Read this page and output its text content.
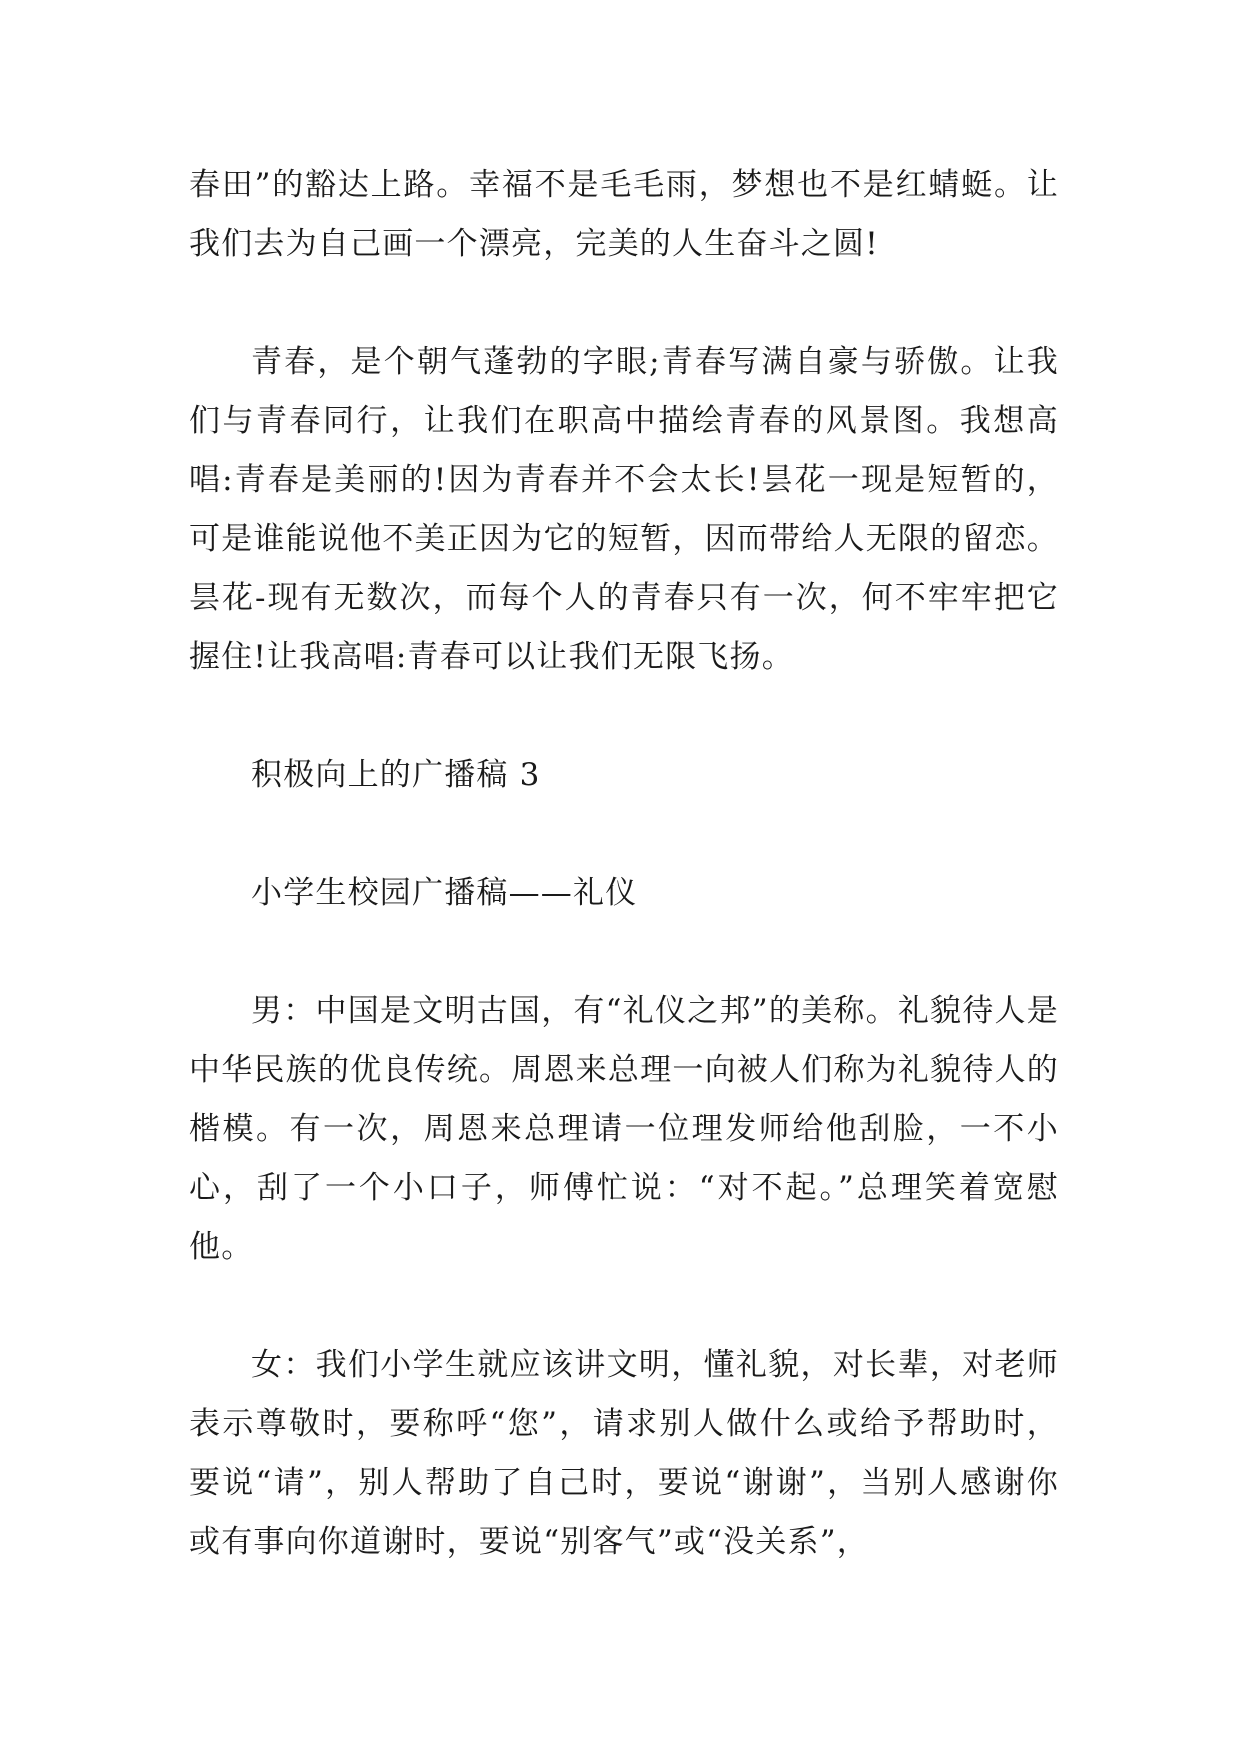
春田”的豁达上路。幸福不是毛毛雨，梦想也不是红蜻蜓。让我们去为自己画一个漂亮，完美的人生奋斗之圆!

青春，是个朝气蓬勃的字眼;青春写满自豪与骄傲。让我们与青春同行，让我们在职高中描绘青春的风景图。我想高唱:青春是美丽的!因为青春并不会太长!昙花一现是短暂的，可是谁能说他不美正因为它的短暂，因而带给人无限的留恋。昙花-现有无数次，而每个人的青春只有一次，何不牢牢把它握住!让我高唱:青春可以让我们无限飞扬。

积极向上的广播稿 3

小学生校园广播稿——礼仪

男：中国是文明古国，有“礼仪之邦”的美称。礼貌待人是中华民族的优良传统。周恩来总理一向被人们称为礼貌待人的楷模。有一次，周恩来总理请一位理发师给他刮脸，一不小心，刮了一个小口子，师傅忙说：“对不起。”总理笑着宽慰他。

女：我们小学生就应该讲文明，懂礼貌，对长辈，对老师表示尊敬时，要称呼“您”，请求别人做什么或给予帮助时，要说“请”，别人帮助了自己时，要说“谢谢”，当别人感谢你或有事向你道谢时，要说“别客气”或“没关系”，
